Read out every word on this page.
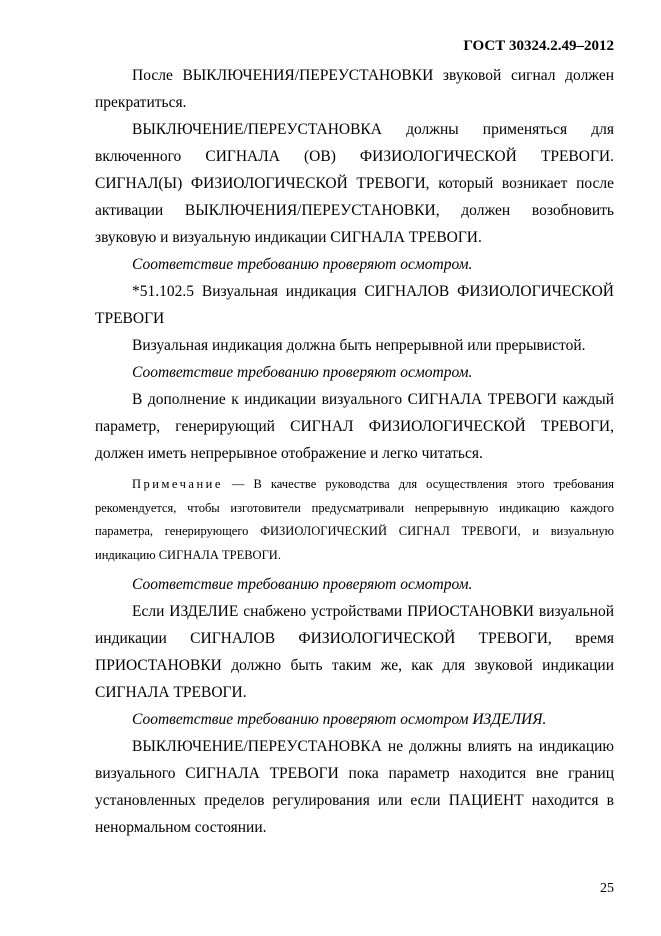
ГОСТ 30324.2.49–2012

После ВЫКЛЮЧЕНИЯ/ПЕРЕУСТАНОВКИ звуковой сигнал должен прекратиться.

ВЫКЛЮЧЕНИЕ/ПЕРЕУСТАНОВКА должны применяться для включенного СИГНАЛА (ОВ) ФИЗИОЛОГИЧЕСКОЙ ТРЕВОГИ. СИГНАЛ(Ы) ФИЗИОЛОГИЧЕСКОЙ ТРЕВОГИ, который возникает после активации ВЫКЛЮЧЕНИЯ/ПЕРЕУСТАНОВКИ, должен возобновить звуковую и визуальную индикации СИГНАЛА ТРЕВОГИ.

Соответствие требованию проверяют осмотром.

*51.102.5 Визуальная индикация СИГНАЛОВ ФИЗИОЛОГИЧЕСКОЙ ТРЕВОГИ

Визуальная индикация должна быть непрерывной или прерывистой.

Соответствие требованию проверяют осмотром.

В дополнение к индикации визуального СИГНАЛА ТРЕВОГИ каждый параметр, генерирующий СИГНАЛ ФИЗИОЛОГИЧЕСКОЙ ТРЕВОГИ, должен иметь непрерывное отображение и легко читаться.

Примечание — В качестве руководства для осуществления этого требования рекомендуется, чтобы изготовители предусматривали непрерывную индикацию каждого параметра, генерирующего ФИЗИОЛОГИЧЕСКИЙ СИГНАЛ ТРЕВОГИ, и визуальную индикацию СИГНАЛА ТРЕВОГИ.

Соответствие требованию проверяют осмотром.

Если ИЗДЕЛИЕ снабжено устройствами ПРИОСТАНОВКИ визуальной индикации СИГНАЛОВ ФИЗИОЛОГИЧЕСКОЙ ТРЕВОГИ, время ПРИОСТАНОВКИ должно быть таким же, как для звуковой индикации СИГНАЛА ТРЕВОГИ.

Соответствие требованию проверяют осмотром ИЗДЕЛИЯ.

ВЫКЛЮЧЕНИЕ/ПЕРЕУСТАНОВКА не должны влиять на индикацию визуального СИГНАЛА ТРЕВОГИ пока параметр находится вне границ установленных пределов регулирования или если ПАЦИЕНТ находится в ненормальном состоянии.

25
